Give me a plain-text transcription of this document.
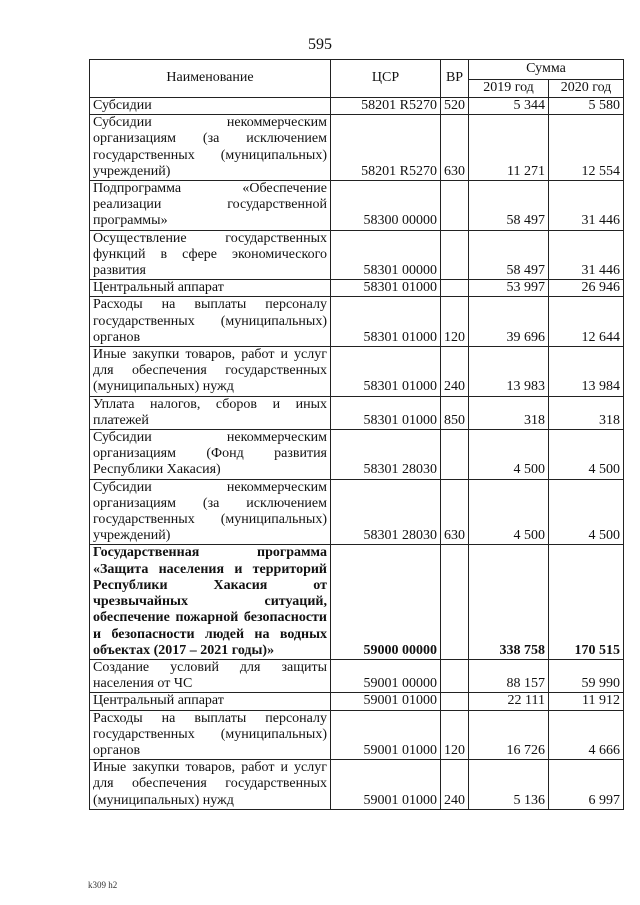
595
Наименование	ЦСР	ВР	Сумма	
			2019 год	2020 год
Субсидии	58201 R5270	520	5 344	5 580
Субсидии некоммерческим организациям (за исключением государственных (муниципальных) учреждений)	58201 R5270	630	11 271	12 554
Подпрограмма «Обеспечение реализации государственной программы»	58300 00000		58 497	31 446
Осуществление государственных функций в сфере экономического развития	58301 00000		58 497	31 446
Центральный аппарат	58301 01000		53 997	26 946
Расходы на выплаты персоналу государственных (муниципальных) органов	58301 01000	120	39 696	12 644
Иные закупки товаров, работ и услуг для обеспечения государственных (муниципальных) нужд	58301 01000	240	13 983	13 984
Уплата налогов, сборов и иных платежей	58301 01000	850	318	318
Субсидии некоммерческим организациям (Фонд развития Республики Хакасия)	58301 28030		4 500	4 500
Субсидии некоммерческим организациям (за исключением государственных (муниципальных) учреждений)	58301 28030	630	4 500	4 500
Государственная программа «Защита населения и территорий Республики Хакасия от чрезвычайных ситуаций, обеспечение пожарной безопасности и безопасности людей на водных объектах (2017 – 2021 годы)»	59000 00000		338 758	170 515
Создание условий для защиты населения от ЧС	59001 00000		88 157	59 990
Центральный аппарат	59001 01000		22 111	11 912
Расходы на выплаты персоналу государственных (муниципальных) органов	59001 01000	120	16 726	4 666
Иные закупки товаров, работ и услуг для обеспечения государственных (муниципальных) нужд	59001 01000	240	5 136	6 997
k309 h2
